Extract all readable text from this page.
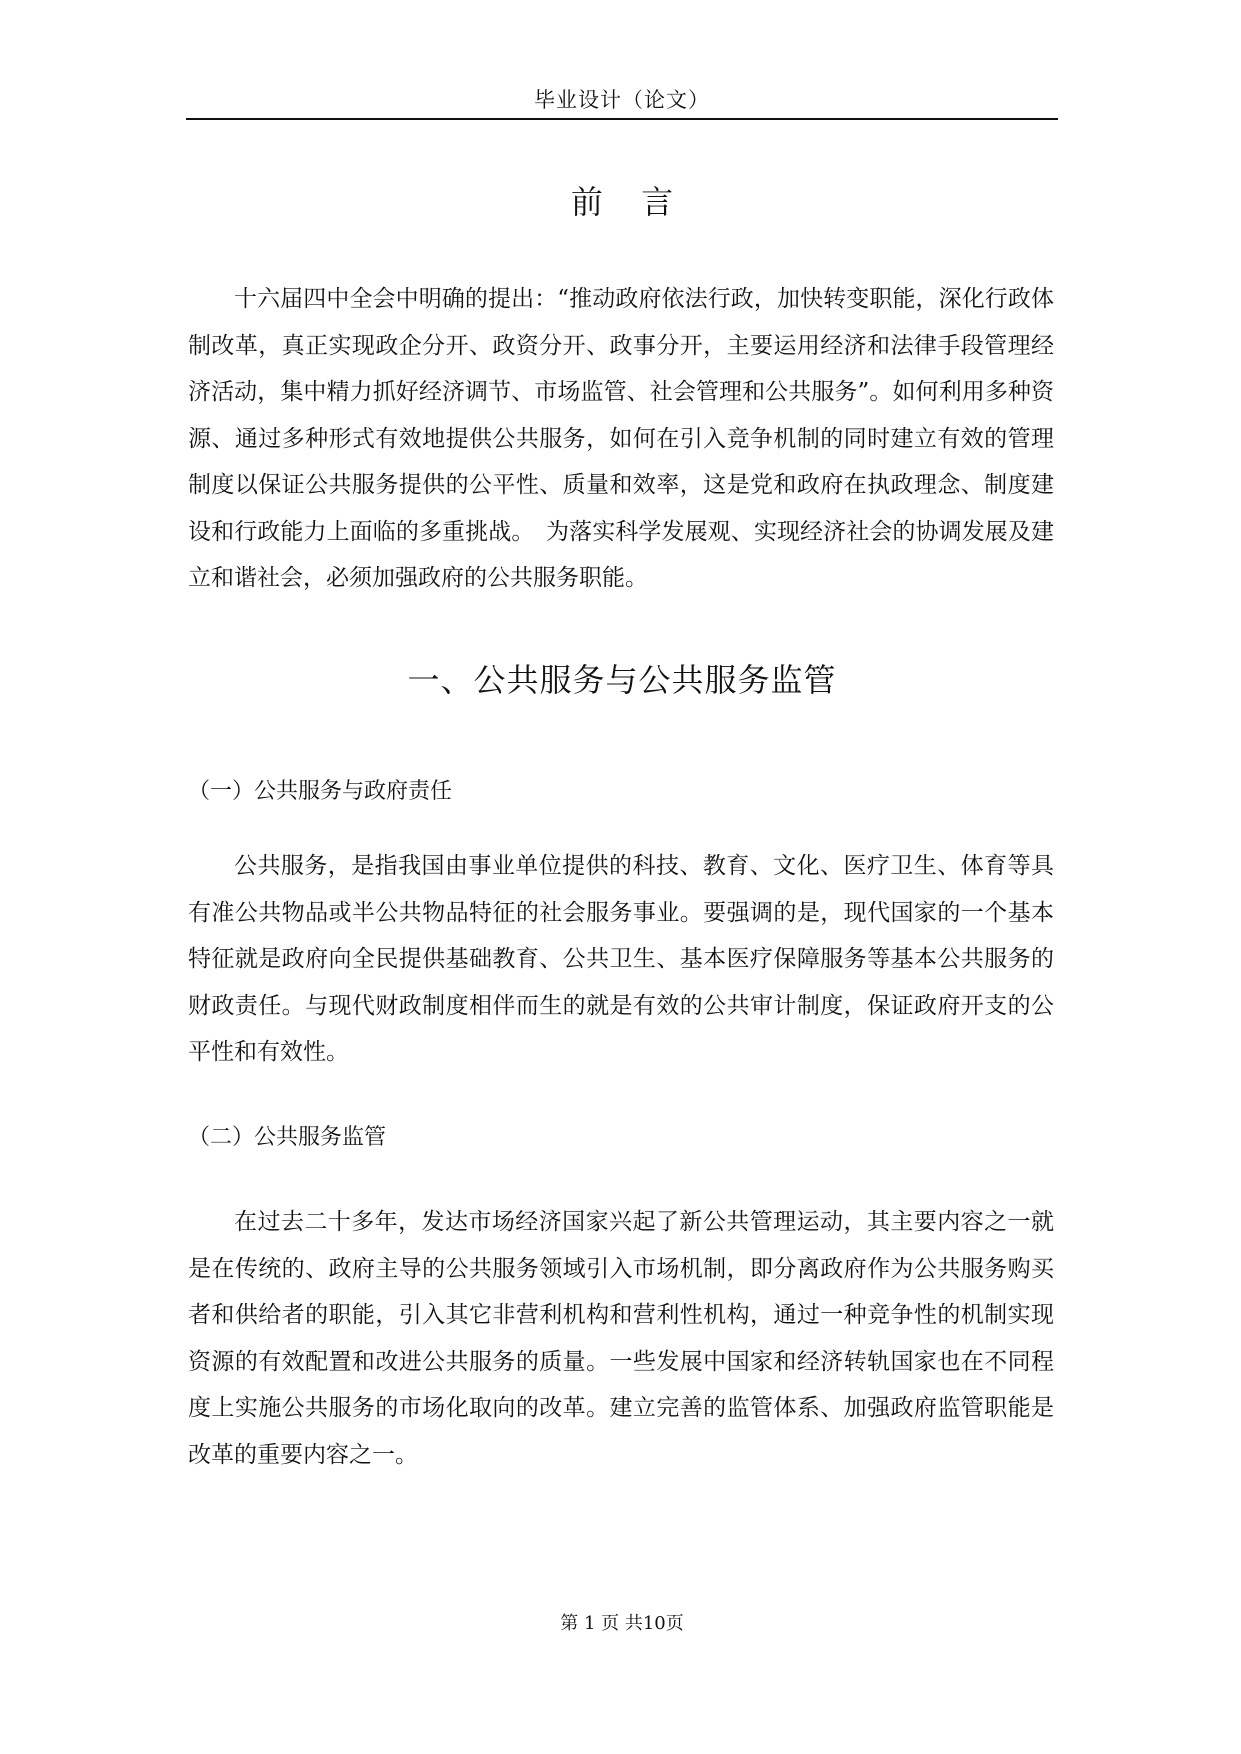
毕业设计（论文）
前 言

十六届四中全会中明确的提出：“推动政府依法行政，加快转变职能，深化行政体制改革，真正实现政企分开、政资分开、政事分开，主要运用经济和法律手段管理经济活动，集中精力抓好经济调节、市场监管、社会管理和公共服务”。如何利用多种资源、通过多种形式有效地提供公共服务，如何在引入竞争机制的同时建立有效的管理制度以保证公共服务提供的公平性、质量和效率，这是党和政府在执政理念、制度建设和行政能力上面临的多重挑战。　为落实科学发展观、实现经济社会的协调发展及建立和谐社会，必须加强政府的公共服务职能。

一、公共服务与公共服务监管
（一）公共服务与政府责任

公共服务，是指我国由事业单位提供的科技、教育、文化、医疗卫生、体育等具有准公共物品或半公共物品特征的社会服务事业。要强调的是，现代国家的一个基本特征就是政府向全民提供基础教育、公共卫生、基本医疗保障服务等基本公共服务的财政责任。与现代财政制度相伴而生的就是有效的公共审计制度，保证政府开支的公平性和有效性。

（二）公共服务监管

在过去二十多年，发达市场经济国家兴起了新公共管理运动，其主要内容之一就是在传统的、政府主导的公共服务领域引入市场机制，即分离政府作为公共服务购买者和供给者的职能，引入其它非营利机构和营利性机构，通过一种竞争性的机制实现资源的有效配置和改进公共服务的质量。一些发展中国家和经济转轨国家也在不同程度上实施公共服务的市场化取向的改革。建立完善的监管体系、加强政府监管职能是改革的重要内容之一。

第 1 页 共10页
